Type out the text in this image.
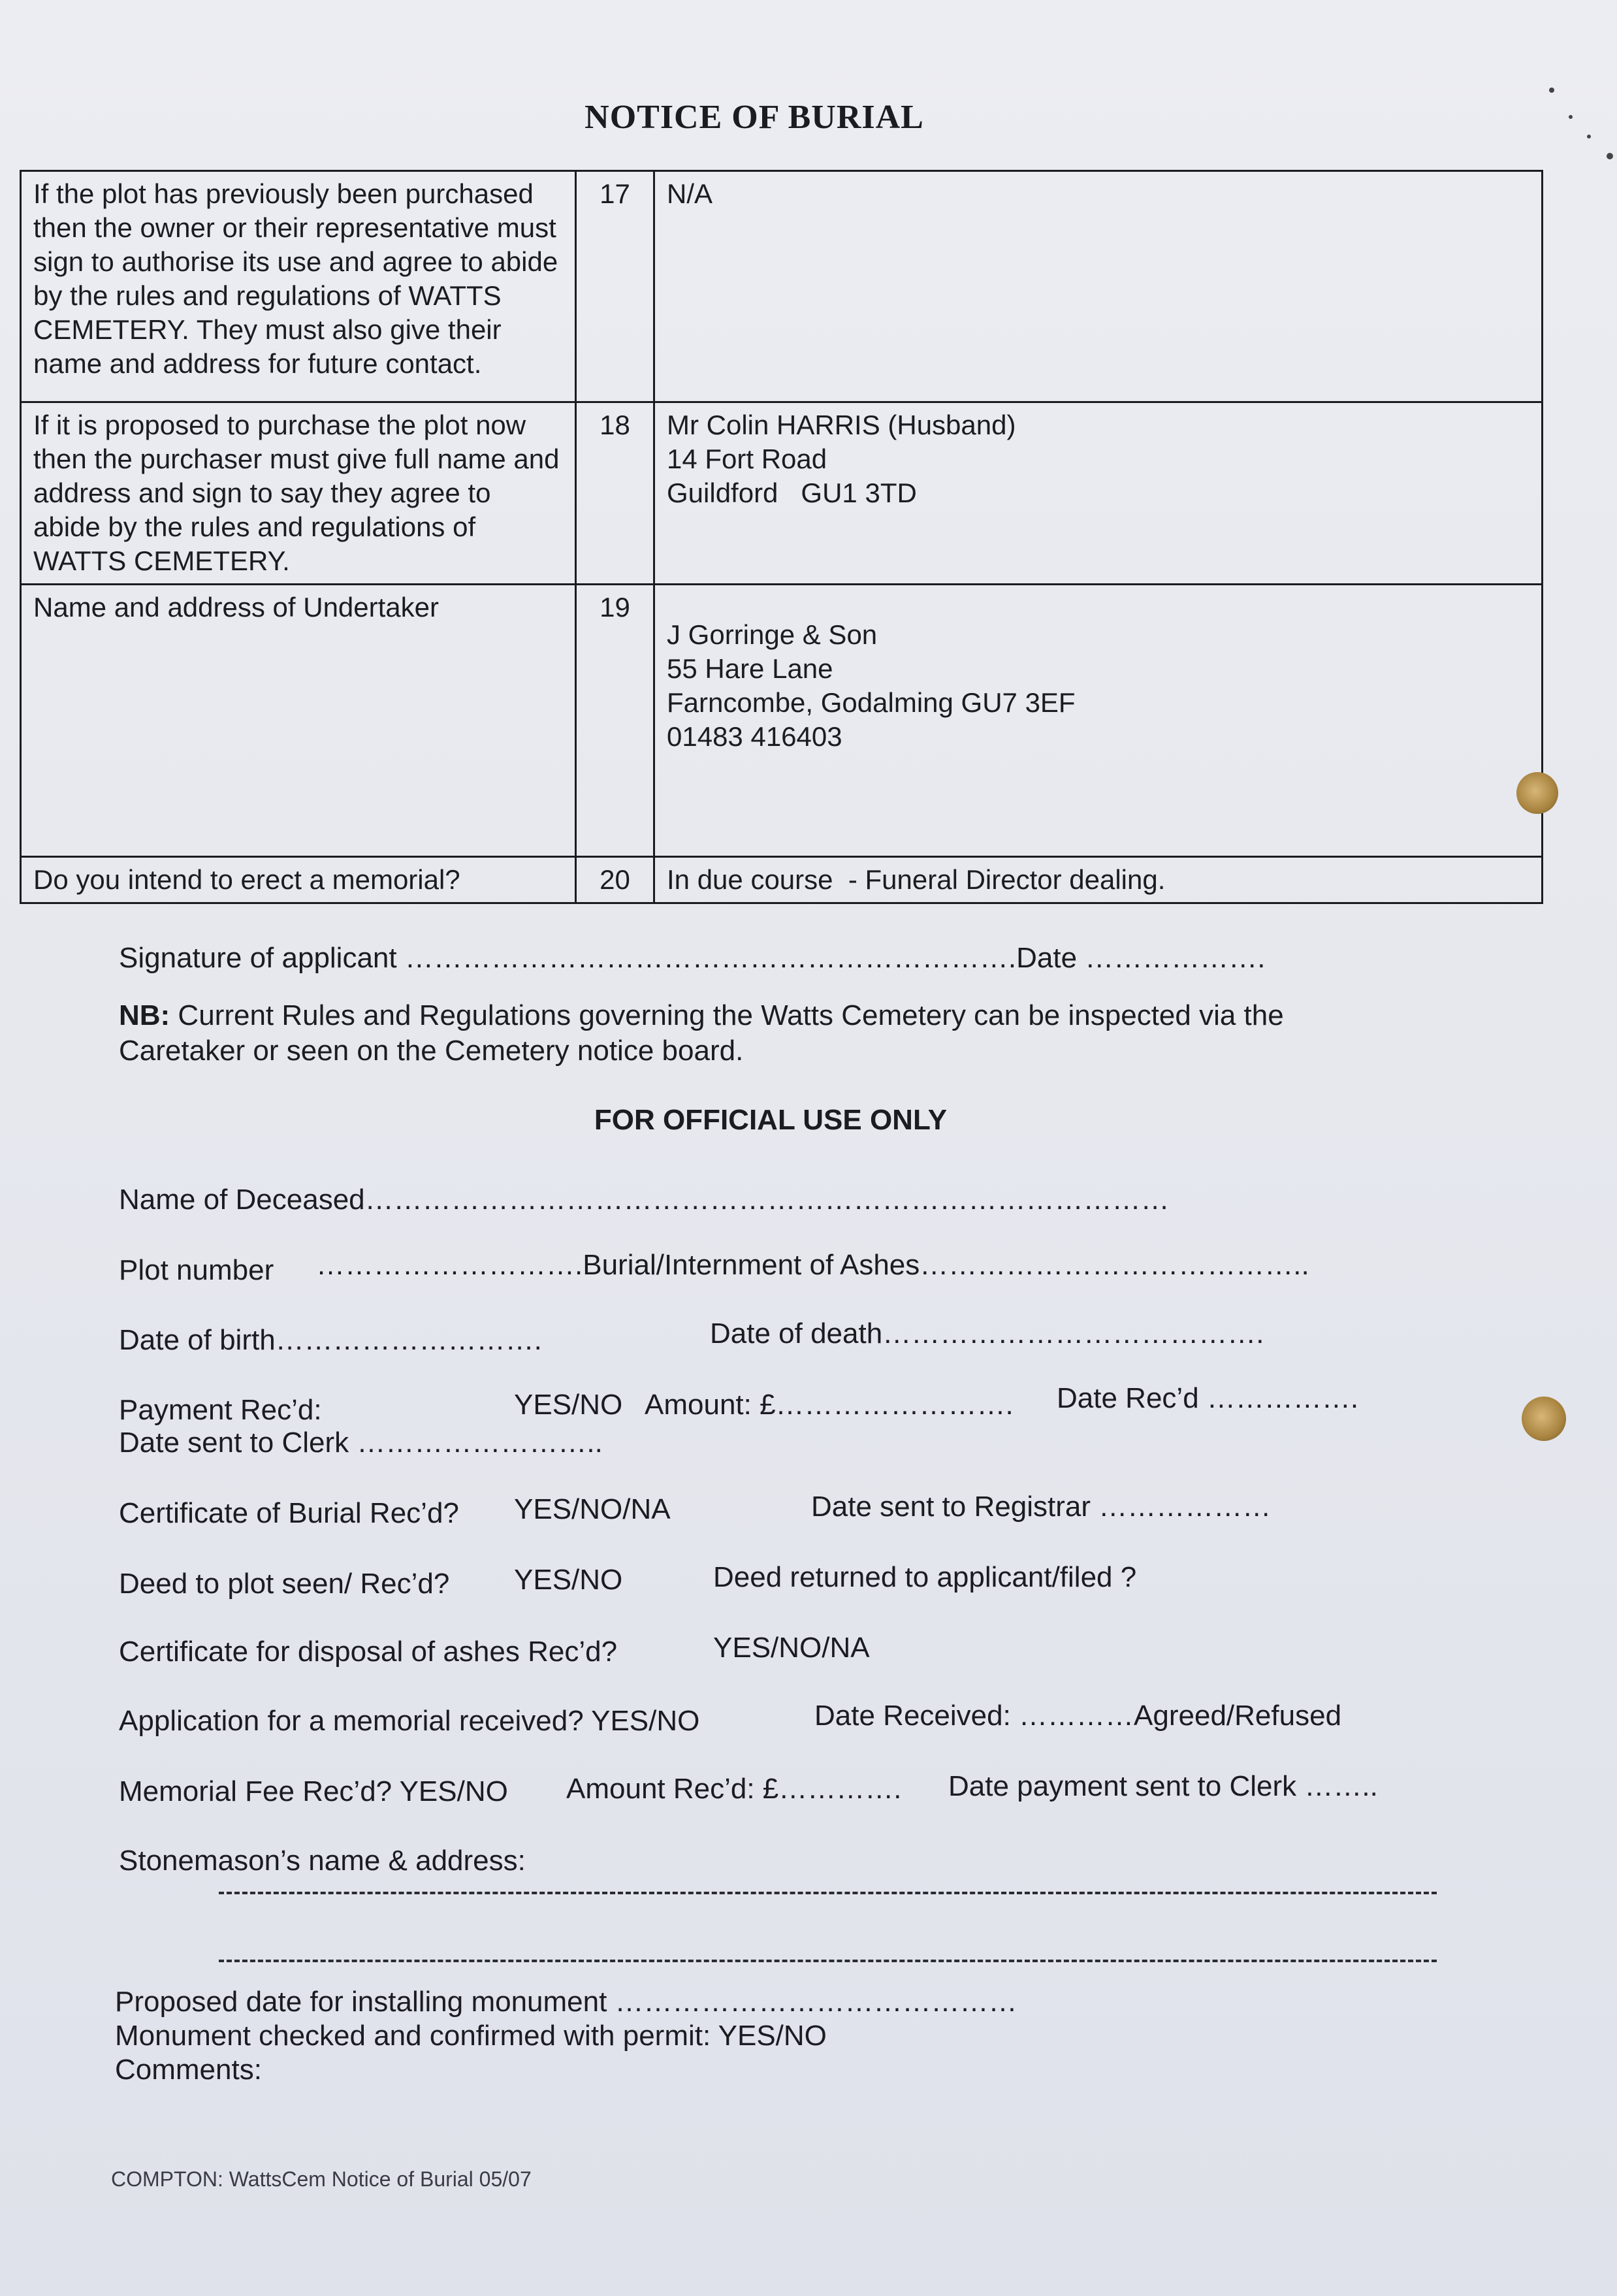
NOTICE OF BURIAL
If the plot has previously been purchased then the owner or their representative must sign to authorise its use and agree to abide by the rules and regulations of WATTS CEMETERY. They must also give their name and address for future contact.	17	N/A

If it is proposed to purchase the plot now then the purchaser must give full name and address and sign to say they agree to abide by the rules and regulations of WATTS CEMETERY.	18	Mr Colin HARRIS (Husband)
14 Fort Road
Guildford   GU1 3TD

Name and address of Undertaker	19	J Gorringe & Son
55 Hare Lane
Farncombe, Godalming GU7 3EF
01483 416403

Do you intend to erect a memorial?	20	In due course  - Funeral Director dealing.
Signature of applicant ……………………………………………………….Date ……………….
NB: Current Rules and Regulations governing the Watts Cemetery can be inspected via the
Caretaker or seen on the Cemetery notice board.
FOR OFFICIAL USE ONLY
Name of Deceased…………………………………………………………………………
Plot number ……………………….Burial/Internment of Ashes…………………………………..
Date of birth……………………….	Date of death………………………………….
Payment Rec’d:	YES/NO Amount: £……………………. Date Rec’d …………….
Date sent to Clerk ……………………..
Certificate of Burial Rec’d? YES/NO/NA	Date sent to Registrar ………………
Deed to plot seen/ Rec’d? YES/NO	Deed returned to applicant/filed ?
Certificate for disposal of ashes Rec’d?	YES/NO/NA
Application for a memorial received? YES/NO	Date Received: …………Agreed/Refused
Memorial Fee Rec’d? YES/NO Amount Rec’d: £…………. Date payment sent to Clerk ……..
Stonemason’s name & address:
Proposed date for installing monument ……………………………………
Monument checked and confirmed with permit: YES/NO
Comments:
COMPTON: WattsCem Notice of Burial 05/07
